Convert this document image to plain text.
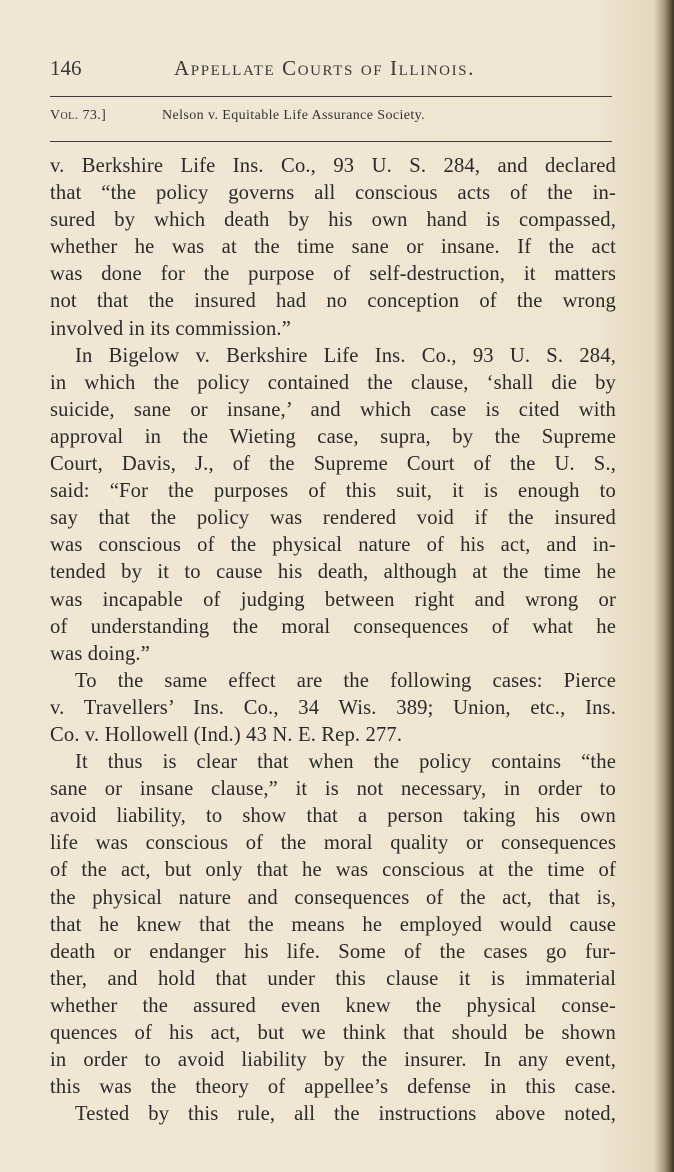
146	Appellate Courts of Illinois.
Vol. 73.]	Nelson v. Equitable Life Assurance Society.
v. Berkshire Life Ins. Co., 93 U. S. 284, and declared
that “the policy governs all conscious acts of the in-
sured by which death by his own hand is compassed,
whether he was at the time sane or insane. If the act
was done for the purpose of self-destruction, it matters
not that the insured had no conception of the wrong
involved in its commission.”
In Bigelow v. Berkshire Life Ins. Co., 93 U. S. 284,
in which the policy contained the clause, ‘shall die by
suicide, sane or insane,’ and which case is cited with
approval in the Wieting case, supra, by the Supreme
Court, Davis, J., of the Supreme Court of the U. S.,
said: “For the purposes of this suit, it is enough to
say that the policy was rendered void if the insured
was conscious of the physical nature of his act, and in-
tended by it to cause his death, although at the time he
was incapable of judging between right and wrong or
of understanding the moral consequences of what he
was doing.”
To the same effect are the following cases: Pierce
v. Travellers’ Ins. Co., 34 Wis. 389; Union, etc., Ins.
Co. v. Hollowell (Ind.) 43 N. E. Rep. 277.
It thus is clear that when the policy contains “the
sane or insane clause,” it is not necessary, in order to
avoid liability, to show that a person taking his own
life was conscious of the moral quality or consequences
of the act, but only that he was conscious at the time of
the physical nature and consequences of the act, that is,
that he knew that the means he employed would cause
death or endanger his life. Some of the cases go fur-
ther, and hold that under this clause it is immaterial
whether the assured even knew the physical conse-
quences of his act, but we think that should be shown
in order to avoid liability by the insurer. In any event,
this was the theory of appellee’s defense in this case.
Tested by this rule, all the instructions above noted,
